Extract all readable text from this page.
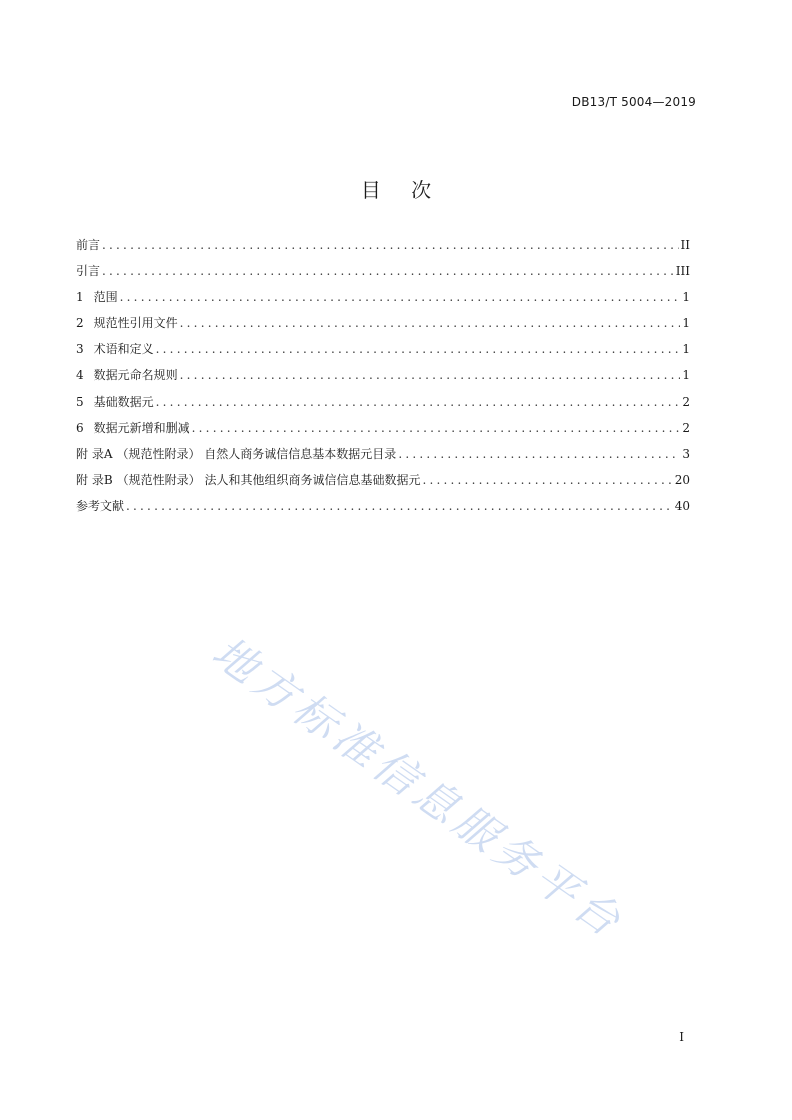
DB13/T 5004—2019
目 次
前言 .....	II
引言 .....	III
1 范围 .....	1
2 规范性引用文件 .....	1
3 术语和定义 .....	1
4 数据元命名规则 .....	1
5 基础数据元 .....	2
6 数据元新增和删减 .....	2
附 录A （规范性附录） 自然人商务诚信信息基本数据元目录 .....	3
附 录B （规范性附录） 法人和其他组织商务诚信信息基础数据元 .....	20
参考文献 .....	40
地方标准信息服务平台
I
